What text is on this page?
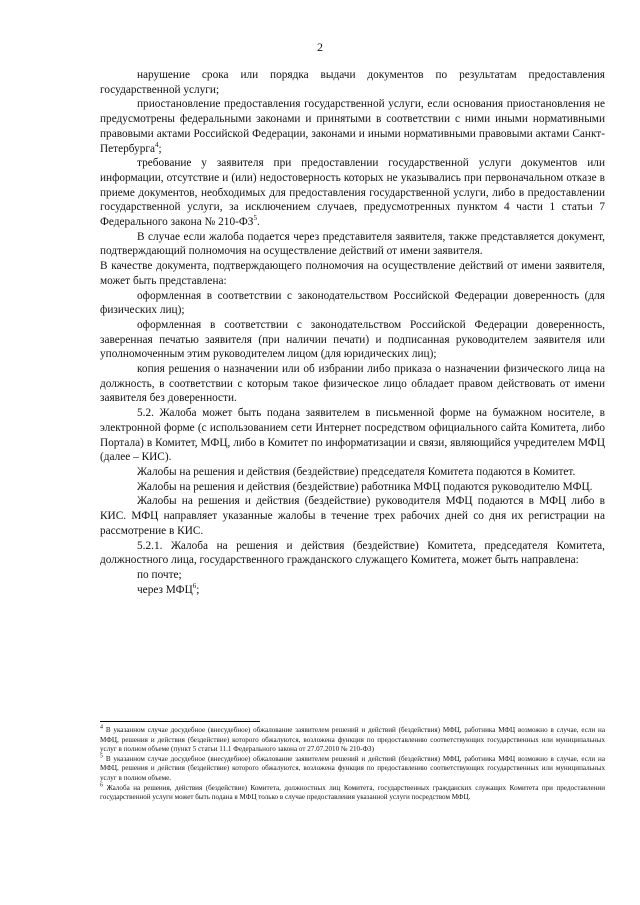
2

нарушение срока или порядка выдачи документов по результатам предоставления государственной услуги;

приостановление предоставления государственной услуги, если основания приостановления не предусмотрены федеральными законами и принятыми в соответствии с ними иными нормативными правовыми актами Российской Федерации, законами и иными нормативными правовыми актами Санкт-Петербурга$^4$;

требование у заявителя при предоставлении государственной услуги документов или информации, отсутствие и (или) недостоверность которых не указывались при первоначальном отказе в приеме документов, необходимых для предоставления государственной услуги, либо в предоставлении государственной услуги, за исключением случаев, предусмотренных пунктом 4 части 1 статьи 7 Федерального закона № $210-ФЗ^5$.

В случае если жалоба подается через представителя заявителя, также представляется документ, подтверждающий полномочия на осуществление действий от имени заявителя.

В качестве документа, подтверждающего полномочия на осуществление действий от имени заявителя, может быть представлена:

оформленная в соответствии с законодательством Российской Федерации доверенность (для физических лиц);

оформленная в соответствии с законодательством Российской Федерации доверенность, заверенная печатью заявителя (при наличии печати) и подписанная руководителем заявителя или уполномоченным этим руководителем лицом (для юридических лиц);

копия решения о назначении или об избрании либо приказа о назначении физического лица на должность, в соответствии с которым такое физическое лицо обладает правом действовать от имени заявителя без доверенности.

5.2. Жалоба может быть подана заявителем в письменной форме на бумажном носителе, в электронной форме (с использованием сети Интернет посредством официального сайта Комитета, либо Портала) в Комитет, МФЦ, либо в Комитет по информатизации и связи, являющийся учредителем МФЦ (далее – КИС).

Жалобы на решения и действия (бездействие) председателя Комитета подаются в Комитет.

Жалобы на решения и действия (бездействие) работника МФЦ подаются руководителю МФЦ.

Жалобы на решения и действия (бездействие) руководителя МФЦ подаются в МФЦ либо в КИС. МФЦ направляет указанные жалобы в течение трех рабочих дней со дня их регистрации на рассмотрение в КИС.

5.2.1. Жалоба на решения и действия (бездействие) Комитета, председателя Комитета, должностного лица, государственного гражданского служащего Комитета, может быть направлена:

по почте;

через МФЦ$^6$;

$^4$ В указанном случае досудебное (внесудебное) обжалование заявителем решений и действий (бездействия) МФЦ, работника МФЦ возможно в случае, если на МФЦ, решения и действия (бездействие) которого обжалуются, возложена функция по предоставлению соответствующих государственных или муниципальных услуг в полном объеме (пункт 5 статьи 11.1 Федерального закона от 27.07.2010 № 210-ФЗ)

$^5$ В указанном случае досудебное (внесудебное) обжалование заявителем решений и действий (бездействия) МФЦ, работника МФЦ возможно в случае, если на МФЦ, решения и действия (бездействие) которого обжалуются, возложена функция по предоставлению соответствующих государственных или муниципальных услуг в полном объеме.

$^6$ Жалоба на решения, действия (бездействие) Комитета, должностных лиц Комитета, государственных гражданских служащих Комитета при предоставлении государственной услуги может быть подана в МФЦ только в случае предоставления указанной услуги посредством МФЦ.
